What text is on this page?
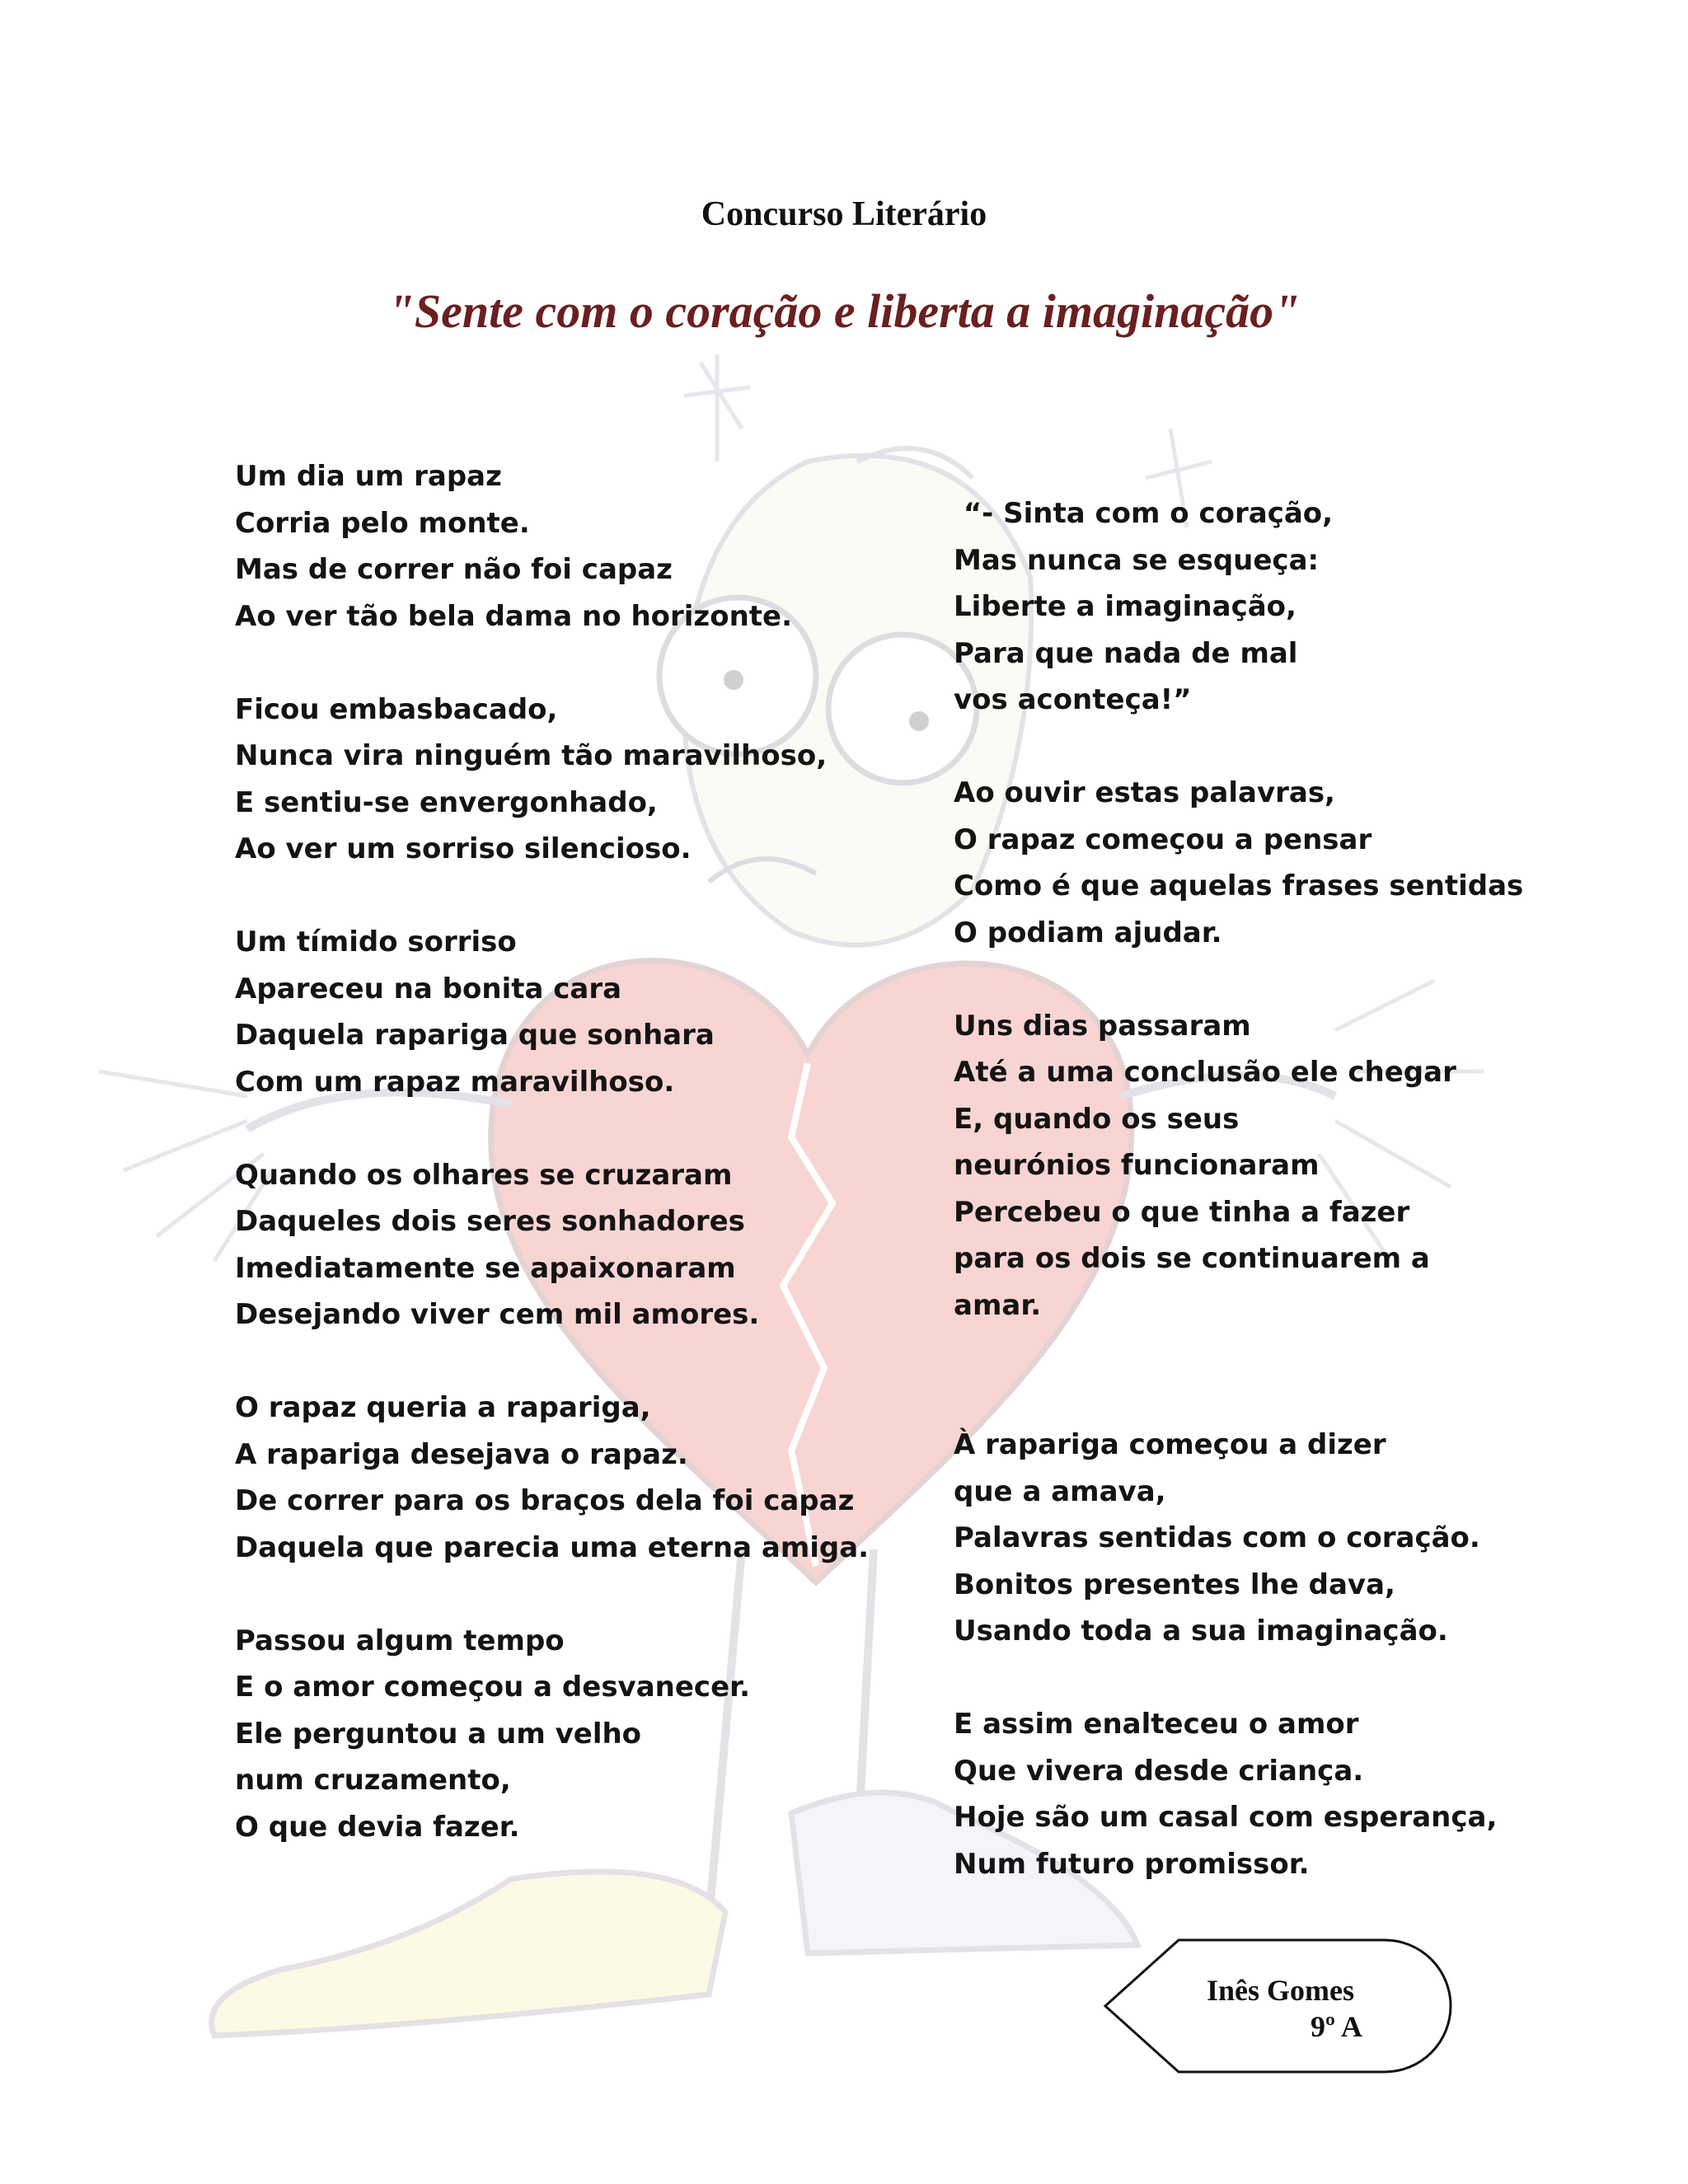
Concurso Literário
"Sente com o coração e liberta a imaginação"
Um dia um rapaz
Corria pelo monte.
Mas de correr não foi capaz
Ao ver tão bela dama no horizonte.
Ficou embasbacado,
Nunca vira ninguém tão maravilhoso,
E sentiu-se envergonhado,
Ao ver um sorriso silencioso.
Um tímido sorriso
Apareceu na bonita cara
Daquela rapariga que sonhara
Com um rapaz maravilhoso.
Quando os olhares se cruzaram
Daqueles dois seres sonhadores
Imediatamente se apaixonaram
Desejando viver cem mil amores.
O rapaz queria a rapariga,
A rapariga desejava o rapaz.
De correr para os braços dela foi capaz
Daquela que parecia uma eterna amiga.
Passou algum tempo
E o amor começou a desvanecer.
Ele perguntou a um velho num cruzamento,
O que devia fazer.
“- Sinta com o coração,
Mas nunca se esqueça:
Liberte a imaginação,
Para que nada de mal vos aconteça!”
Ao ouvir estas palavras,
O rapaz começou a pensar
Como é que aquelas frases sentidas
O podiam ajudar.
Uns dias passaram
Até a uma conclusão ele chegar
E, quando os seus neurónios funcionaram
Percebeu o que tinha a fazer para os dois se continuarem a amar.
À rapariga começou a dizer que a amava,
Palavras sentidas com o coração.
Bonitos presentes lhe dava,
Usando toda a sua imaginação.
E assim enalteceu o amor
Que vivera desde criança.
Hoje são um casal com esperança,
Num futuro promissor.
Inês Gomes
9º A
